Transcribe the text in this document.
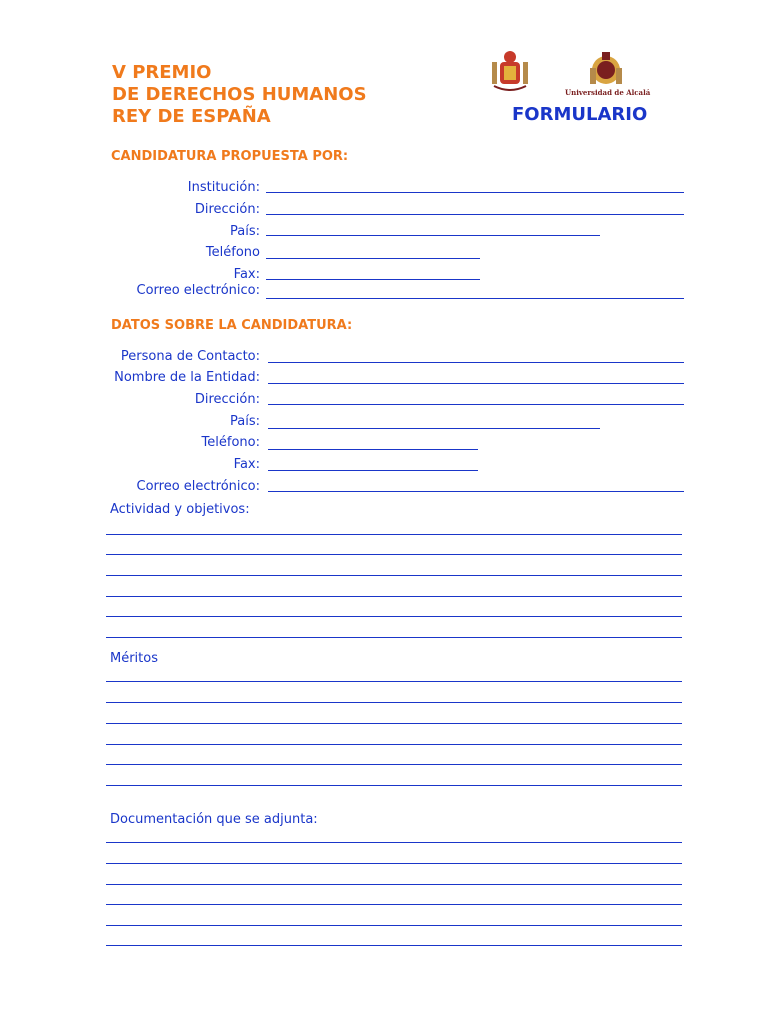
V PREMIO
DE DERECHOS HUMANOS
REY DE ESPAÑA
Universidad de Alcalá
FORMULARIO
CANDIDATURA PROPUESTA POR:
Institución:
Dirección:
País:
Teléfono
Fax:
Correo electrónico:
DATOS SOBRE LA CANDIDATURA:
Persona de Contacto:
Nombre de la Entidad:
Dirección:
País:
Teléfono:
Fax:
Correo electrónico:
Actividad y objetivos:
Méritos
Documentación que se adjunta:
